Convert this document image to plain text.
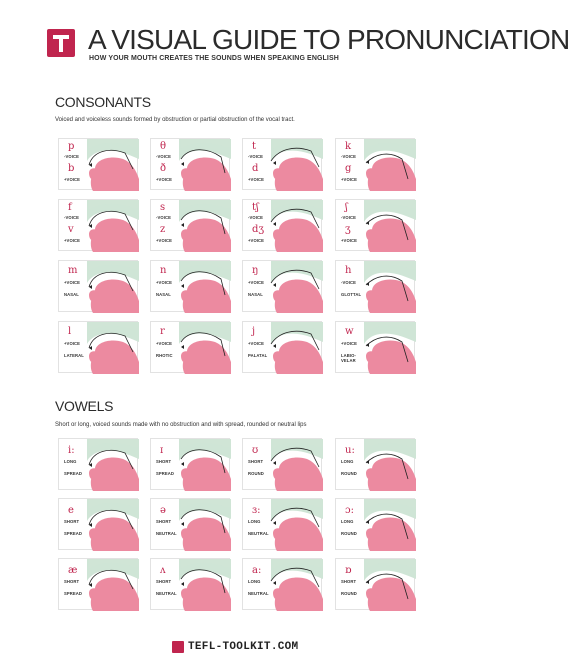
A VISUAL GUIDE TO PRONUNCIATION

HOW YOUR MOUTH CREATES THE SOUNDS WHEN SPEAKING ENGLISH

CONSONANTS

Voiced and voiceless sounds formed by obstruction or partial obstruction of the vocal tract.

p
-VOICE
b
+VOICE
θ
-VOICE
ð
+VOICE
t
-VOICE
d
+VOICE
k
-VOICE
g
+VOICE
f
-VOICE
v
+VOICE
s
-VOICE
z
+VOICE
tʃ
-VOICE
dʒ
+VOICE
ʃ
-VOICE
ʒ
+VOICE
m
+VOICE
NASAL
n
+VOICE
NASAL
ŋ
+VOICE
NASAL
h
-VOICE
GLOTTAL
l
+VOICE
LATERAL
r
+VOICE
RHOTIC
j
+VOICE
PALATAL
w
+VOICE
LABIO-VELAR
VOWELS

Short or long, voiced sounds made with no obstruction and with spread, rounded or neutral lips

i:
LONG
SPREAD
ɪ
SHORT
SPREAD
ʊ
SHORT
ROUND
u:
LONG
ROUND
e
SHORT
SPREAD
ə
SHORT
NEUTRAL
ɜ:
LONG
NEUTRAL
ɔ:
LONG
ROUND
æ
SHORT
SPREAD
ʌ
SHORT
NEUTRAL
a:
LONG
NEUTRAL
ɒ
SHORT
ROUND
TEFL-TOOLKIT.COM
